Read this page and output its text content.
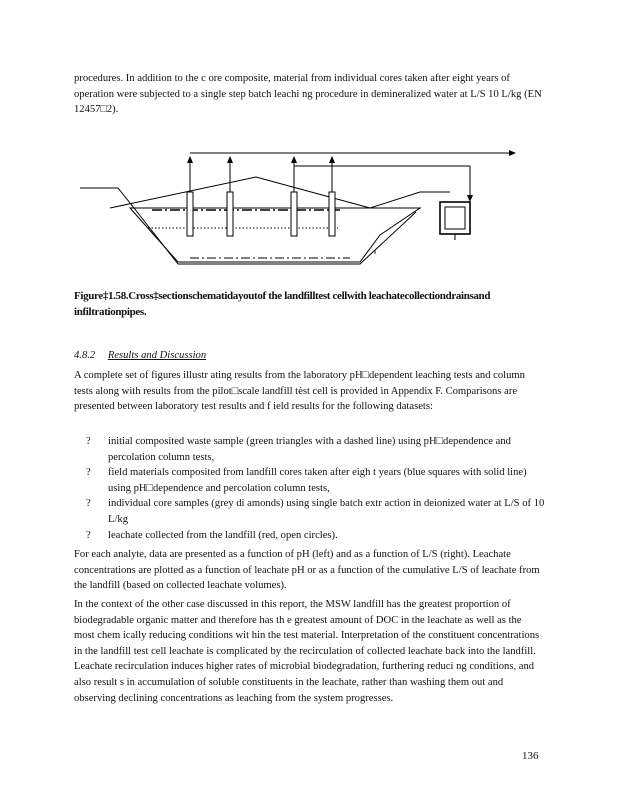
procedures. In addition to the c ore composite, material from individual cores taken after eight years of operation were subjected to a single step batch leachi ng procedure in demineralized water at L/S 10 L/kg (EN 12457□2).
Figure‡1.58.Cross‡sectionschematidayoutof the landfilltest cellwith leachatecollectiondrainsand infiltrationpipes.
4.8.2 Results and Discussion
A complete set of figures illustr ating results from the laboratory pH□dependent leaching tests and column tests along with results from the pilot□scale landfill tėst cell is provided in Appendix F. Comparisons are presented between laboratory test results and f ield results for the following datasets:
? initial composited waste sample (green triangles with a dashed line) using pH□dependence and percolation column tests,
? field materials composited from landfill cores taken after eigh t years (blue squares with solid line) using pH□dependence and percolation column tests,
? individual core samples (grey di amonds) using single batch extr action in deionized water at L/S of 10 L/kg
? leachate collected from the landfill (red, open circles).
For each analyte, data are presented as a function of pH (left) and as a function of L/S (right). Leachate concentrations are plotted as a function of leachate pH or as a function of the cumulative L/S of leachate from the landfill (based on collected leachate volumes).
In the context of the other case discussed in this report, the MSW landfill has the greatest proportion of biodegradable organic matter and therefore has th e greatest amount of DOC in the leachate as well as the most chem ically reducing conditions wit hin the test material. Interpretation of the constituent concentrations in the landfill test cell leachate is complicated by the recirculation of collected leachate back into the landfill. Leachate recirculation induces higher rates of microbial biodegradation, furthering reduci ng conditions, and also result s in accumulation of soluble constituents in the leachate, rather than washing them out and observing declining concentrations as leaching from the system progresses.
136
